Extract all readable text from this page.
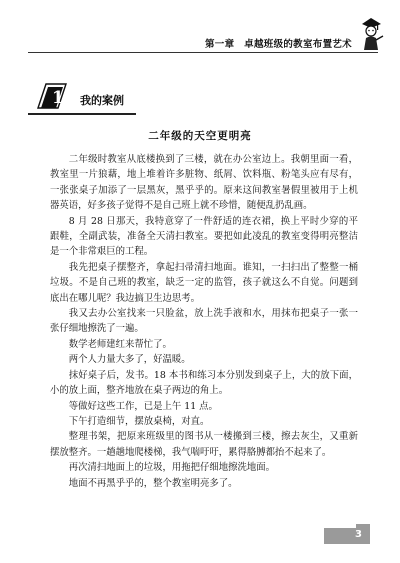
第一章　卓越班级的教室布置艺术
1 我的案例
二年级的天空更明亮

二年级时教室从底楼换到了三楼，就在办公室边上。我朝里面一看，教室里一片狼藉，地上堆着许多脏物、纸屑、饮料瓶、粉笔头应有尽有，一张张桌子加添了一层黑灰，黑乎乎的。原来这间教室暑假里被用于上机器英语，好多孩子觉得不是自己班上就不珍惜，随便乱扔乱画。

8 月 28 日那天，我特意穿了一件舒适的连衣裙，换上平时少穿的平跟鞋，全副武装，准备全天清扫教室。要把如此凌乱的教室变得明亮整洁是一个非常艰巨的工程。

我先把桌子摆整齐，拿起扫帚清扫地面。谁知，一扫扫出了整整一桶垃圾。不是自己班的教室，缺乏一定的监管，孩子就这么不自觉。问题到底出在哪儿呢？我边搞卫生边思考。

我又去办公室找来一只脸盆，放上洗手液和水，用抹布把桌子一张一张仔细地擦洗了一遍。

数学老师建红来帮忙了。

两个人力量大多了，好温暖。

抹好桌子后，发书。18 本书和练习本分别发到桌子上，大的放下面，小的放上面，整齐地放在桌子两边的角上。

等做好这些工作，已是上午 11 点。

下午打造细节，摆放桌椅，对直。

整理书架，把原来班级里的图书从一楼搬到三楼，擦去灰尘，又重新摆放整齐。一趟趟地爬楼梯，我气喘吁吁，累得胳膊都抬不起来了。

再次清扫地面上的垃圾，用拖把仔细地擦洗地面。

地面不再黑乎乎的，整个教室明亮多了。

3
